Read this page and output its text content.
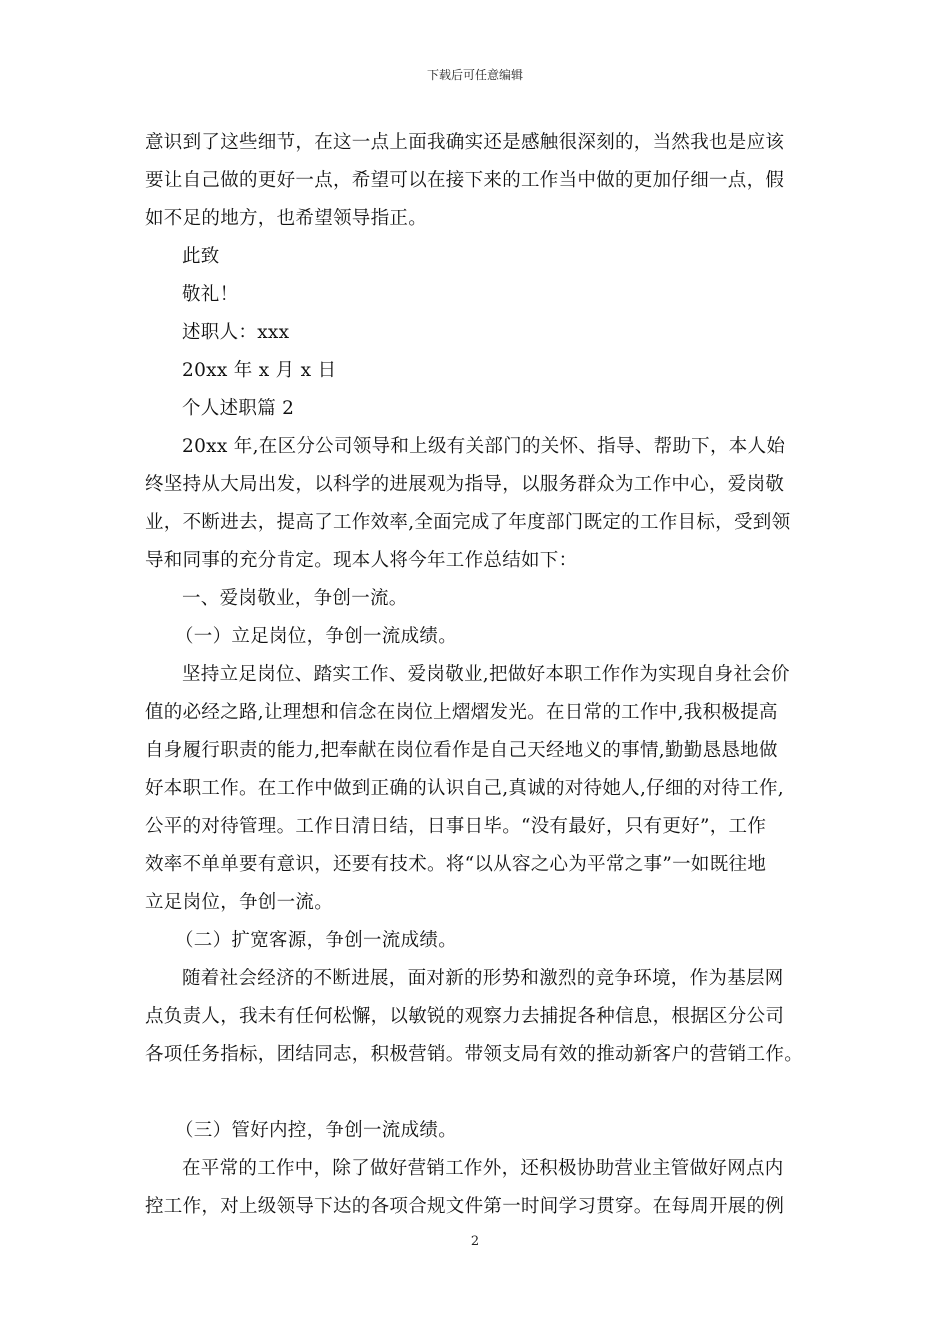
下载后可任意编辑
意识到了这些细节，在这一点上面我确实还是感触很深刻的，当然我也是应该
要让自己做的更好一点，希望可以在接下来的工作当中做的更加仔细一点，假
如不足的地方，也希望领导指正。
此致
敬礼！
述职人：xxx
20xx 年 x 月 x 日
个人述职篇 2
20xx 年,在区分公司领导和上级有关部门的关怀、指导、帮助下，本人始
终坚持从大局出发，以科学的进展观为指导，以服务群众为工作中心，爱岗敬
业，不断进去，提高了工作效率,全面完成了年度部门既定的工作目标，受到领
导和同事的充分肯定。现本人将今年工作总结如下：
一、爱岗敬业，争创一流。
（一）立足岗位，争创一流成绩。
坚持立足岗位、踏实工作、爱岗敬业,把做好本职工作作为实现自身社会价
值的必经之路,让理想和信念在岗位上熠熠发光。在日常的工作中,我积极提高
自身履行职责的能力,把奉献在岗位看作是自己天经地义的事情,勤勤恳恳地做
好本职工作。在工作中做到正确的认识自己,真诚的对待她人,仔细的对待工作,
公平的对待管理。工作日清日结，日事日毕。“没有最好，只有更好”，工作
效率不单单要有意识，还要有技术。将“以从容之心为平常之事”一如既往地
立足岗位，争创一流。
（二）扩宽客源，争创一流成绩。
随着社会经济的不断进展，面对新的形势和激烈的竞争环境，作为基层网
点负责人，我未有任何松懈，以敏锐的观察力去捕捉各种信息，根据区分公司
各项任务指标，团结同志，积极营销。带领支局有效的推动新客户的营销工作。
（三）管好内控，争创一流成绩。
在平常的工作中，除了做好营销工作外，还积极协助营业主管做好网点内
控工作，对上级领导下达的各项合规文件第一时间学习贯穿。在每周开展的例
2
